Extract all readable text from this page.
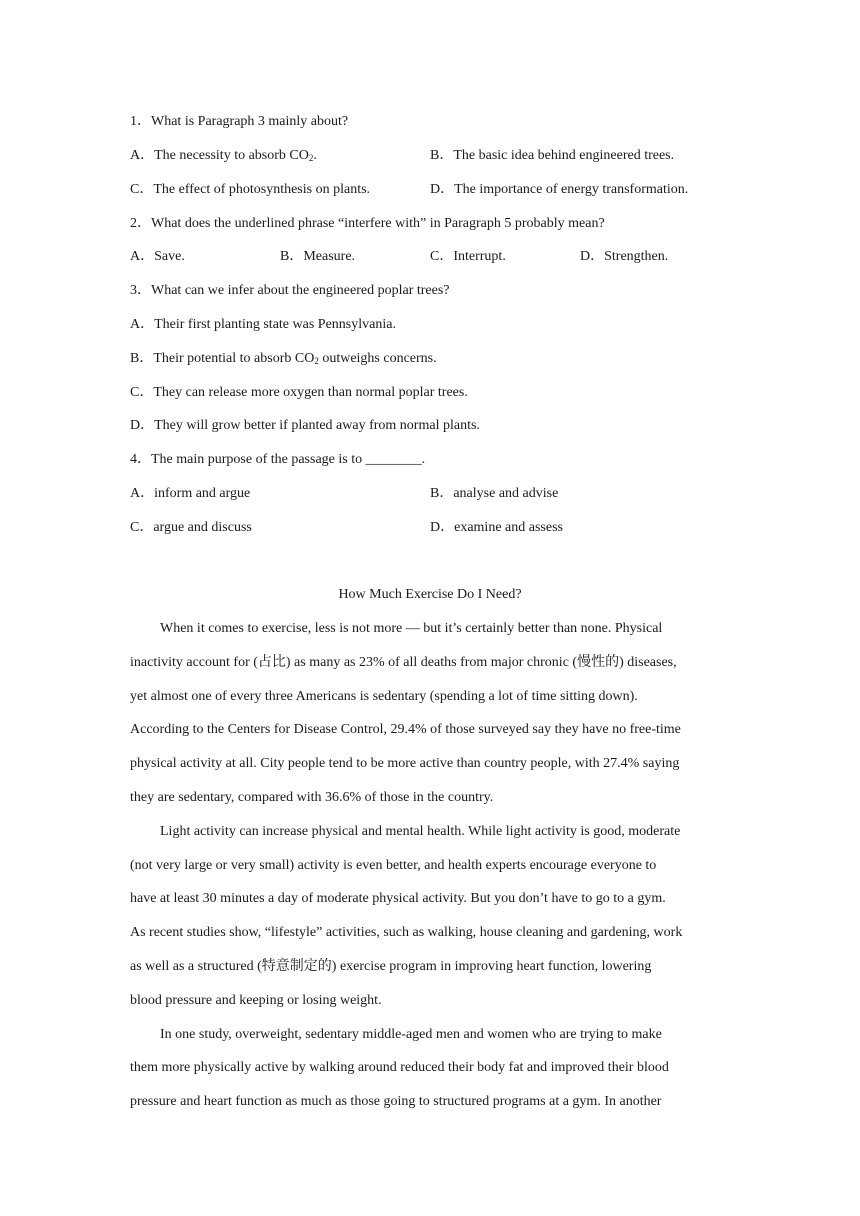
1．What is Paragraph 3 mainly about?
A．The necessity to absorb $CO_2$.	B．The basic idea behind engineered trees.
C．The effect of photosynthesis on plants.	D．The importance of energy transformation.
2．What does the underlined phrase “interfere with” in Paragraph 5 probably mean?
A．Save.	B．Measure.	C．Interrupt.	D．Strengthen.
3．What can we infer about the engineered poplar trees?
A．Their first planting state was Pennsylvania.
B．Their potential to absorb $CO_2$ outweighs concerns.
C．They can release more oxygen than normal poplar trees.
D．They will grow better if planted away from normal plants.
4．The main purpose of the passage is to ________.
A．inform and argue	B．analyse and advise
C．argue and discuss	D．examine and assess
How Much Exercise Do I Need?
When it comes to exercise, less is not more — but it’s certainly better than none. Physical
inactivity account for (占比) as many as 23% of all deaths from major chronic (慢性的) diseases,
yet almost one of every three Americans is sedentary (spending a lot of time sitting down).
According to the Centers for Disease Control, 29.4% of those surveyed say they have no free-time
physical activity at all. City people tend to be more active than country people, with 27.4% saying
they are sedentary, compared with 36.6% of those in the country.
Light activity can increase physical and mental health. While light activity is good, moderate
(not very large or very small) activity is even better, and health experts encourage everyone to
have at least 30 minutes a day of moderate physical activity. But you don’t have to go to a gym.
As recent studies show, “lifestyle” activities, such as walking, house cleaning and gardening, work
as well as a structured (特意制定的) exercise program in improving heart function, lowering
blood pressure and keeping or losing weight.
In one study, overweight, sedentary middle-aged men and women who are trying to make
them more physically active by walking around reduced their body fat and improved their blood
pressure and heart function as much as those going to structured programs at a gym. In another
